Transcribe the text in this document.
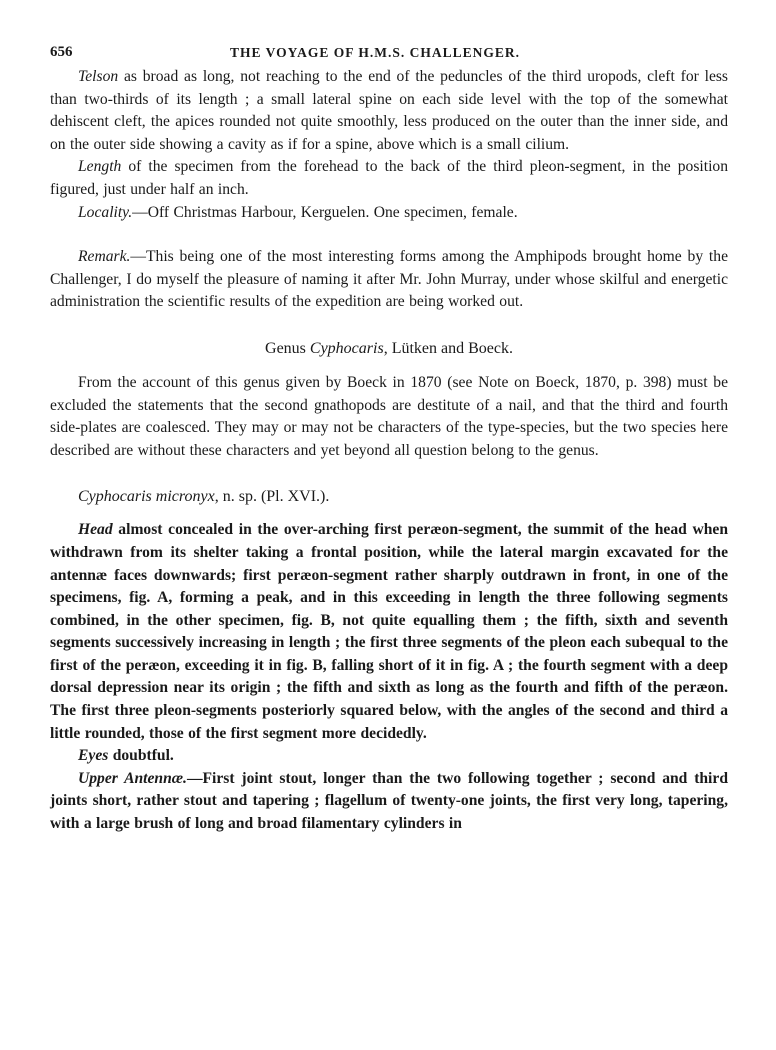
656	THE VOYAGE OF H.M.S. CHALLENGER.

Telson as broad as long, not reaching to the end of the peduncles of the third uropods, cleft for less than two-thirds of its length ; a small lateral spine on each side level with the top of the somewhat dehiscent cleft, the apices rounded not quite smoothly, less produced on the outer than the inner side, and on the outer side showing a cavity as if for a spine, above which is a small cilium.

Length of the specimen from the forehead to the back of the third pleon-segment, in the position figured, just under half an inch.

Locality.—Off Christmas Harbour, Kerguelen. One specimen, female.

Remark.—This being one of the most interesting forms among the Amphipods brought home by the Challenger, I do myself the pleasure of naming it after Mr. John Murray, under whose skilful and energetic administration the scientific results of the expedition are being worked out.

Genus Cyphocaris, Lütken and Boeck.

From the account of this genus given by Boeck in 1870 (see Note on Boeck, 1870, p. 398) must be excluded the statements that the second gnathopods are destitute of a nail, and that the third and fourth side-plates are coalesced. They may or may not be characters of the type-species, but the two species here described are without these characters and yet beyond all question belong to the genus.

Cyphocaris micronyx, n. sp. (Pl. XVI.).

Head almost concealed in the over-arching first peræon-segment, the summit of the head when withdrawn from its shelter taking a frontal position, while the lateral margin excavated for the antennæ faces downwards; first peræon-segment rather sharply outdrawn in front, in one of the specimens, fig. A, forming a peak, and in this exceeding in length the three following segments combined, in the other specimen, fig. B, not quite equalling them ; the fifth, sixth and seventh segments successively increasing in length ; the first three segments of the pleon each subequal to the first of the peræon, exceeding it in fig. B, falling short of it in fig. A ; the fourth segment with a deep dorsal depression near its origin ; the fifth and sixth as long as the fourth and fifth of the peræon. The first three pleon-segments posteriorly squared below, with the angles of the second and third a little rounded, those of the first segment more decidedly.

Eyes doubtful.

Upper Antennæ.—First joint stout, longer than the two following together ; second and third joints short, rather stout and tapering ; flagellum of twenty-one joints, the first very long, tapering, with a large brush of long and broad filamentary cylinders in
